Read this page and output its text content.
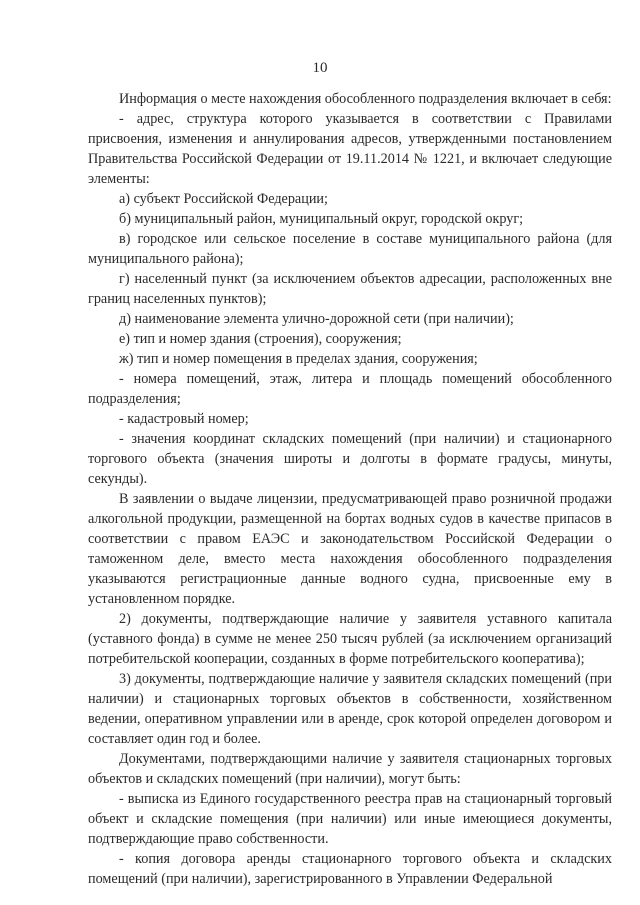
10

Информация о месте нахождения обособленного подразделения включает в себя:

- адрес, структура которого указывается в соответствии с Правилами присвоения, изменения и аннулирования адресов, утвержденными постановлением Правительства Российской Федерации от 19.11.2014 № 1221, и включает следующие элементы:

а) субъект Российской Федерации;

б) муниципальный район, муниципальный округ, городской округ;

в) городское или сельское поселение в составе муниципального района (для муниципального района);

г) населенный пункт (за исключением объектов адресации, расположенных вне границ населенных пунктов);

д) наименование элемента улично-дорожной сети (при наличии);

е) тип и номер здания (строения), сооружения;

ж) тип и номер помещения в пределах здания, сооружения;

- номера помещений, этаж, литера и площадь помещений обособленного подразделения;

- кадастровый номер;

- значения координат складских помещений (при наличии) и стационарного торгового объекта (значения широты и долготы в формате градусы, минуты, секунды).

В заявлении о выдаче лицензии, предусматривающей право розничной продажи алкогольной продукции, размещенной на бортах водных судов в качестве припасов в соответствии с правом ЕАЭС и законодательством Российской Федерации о таможенном деле, вместо места нахождения обособленного подразделения указываются регистрационные данные водного судна, присвоенные ему в установленном порядке.

2) документы, подтверждающие наличие у заявителя уставного капитала (уставного фонда) в сумме не менее 250 тысяч рублей (за исключением организаций потребительской кооперации, созданных в форме потребительского кооператива);

3) документы, подтверждающие наличие у заявителя складских помещений (при наличии) и стационарных торговых объектов в собственности, хозяйственном ведении, оперативном управлении или в аренде, срок которой определен договором и составляет один год и более.

Документами, подтверждающими наличие у заявителя стационарных торговых объектов и складских помещений (при наличии), могут быть:

- выписка из Единого государственного реестра прав на стационарный торговый объект и складские помещения (при наличии) или иные имеющиеся документы, подтверждающие право собственности.

- копия договора аренды стационарного торгового объекта и складских помещений (при наличии), зарегистрированного в Управлении Федеральной
